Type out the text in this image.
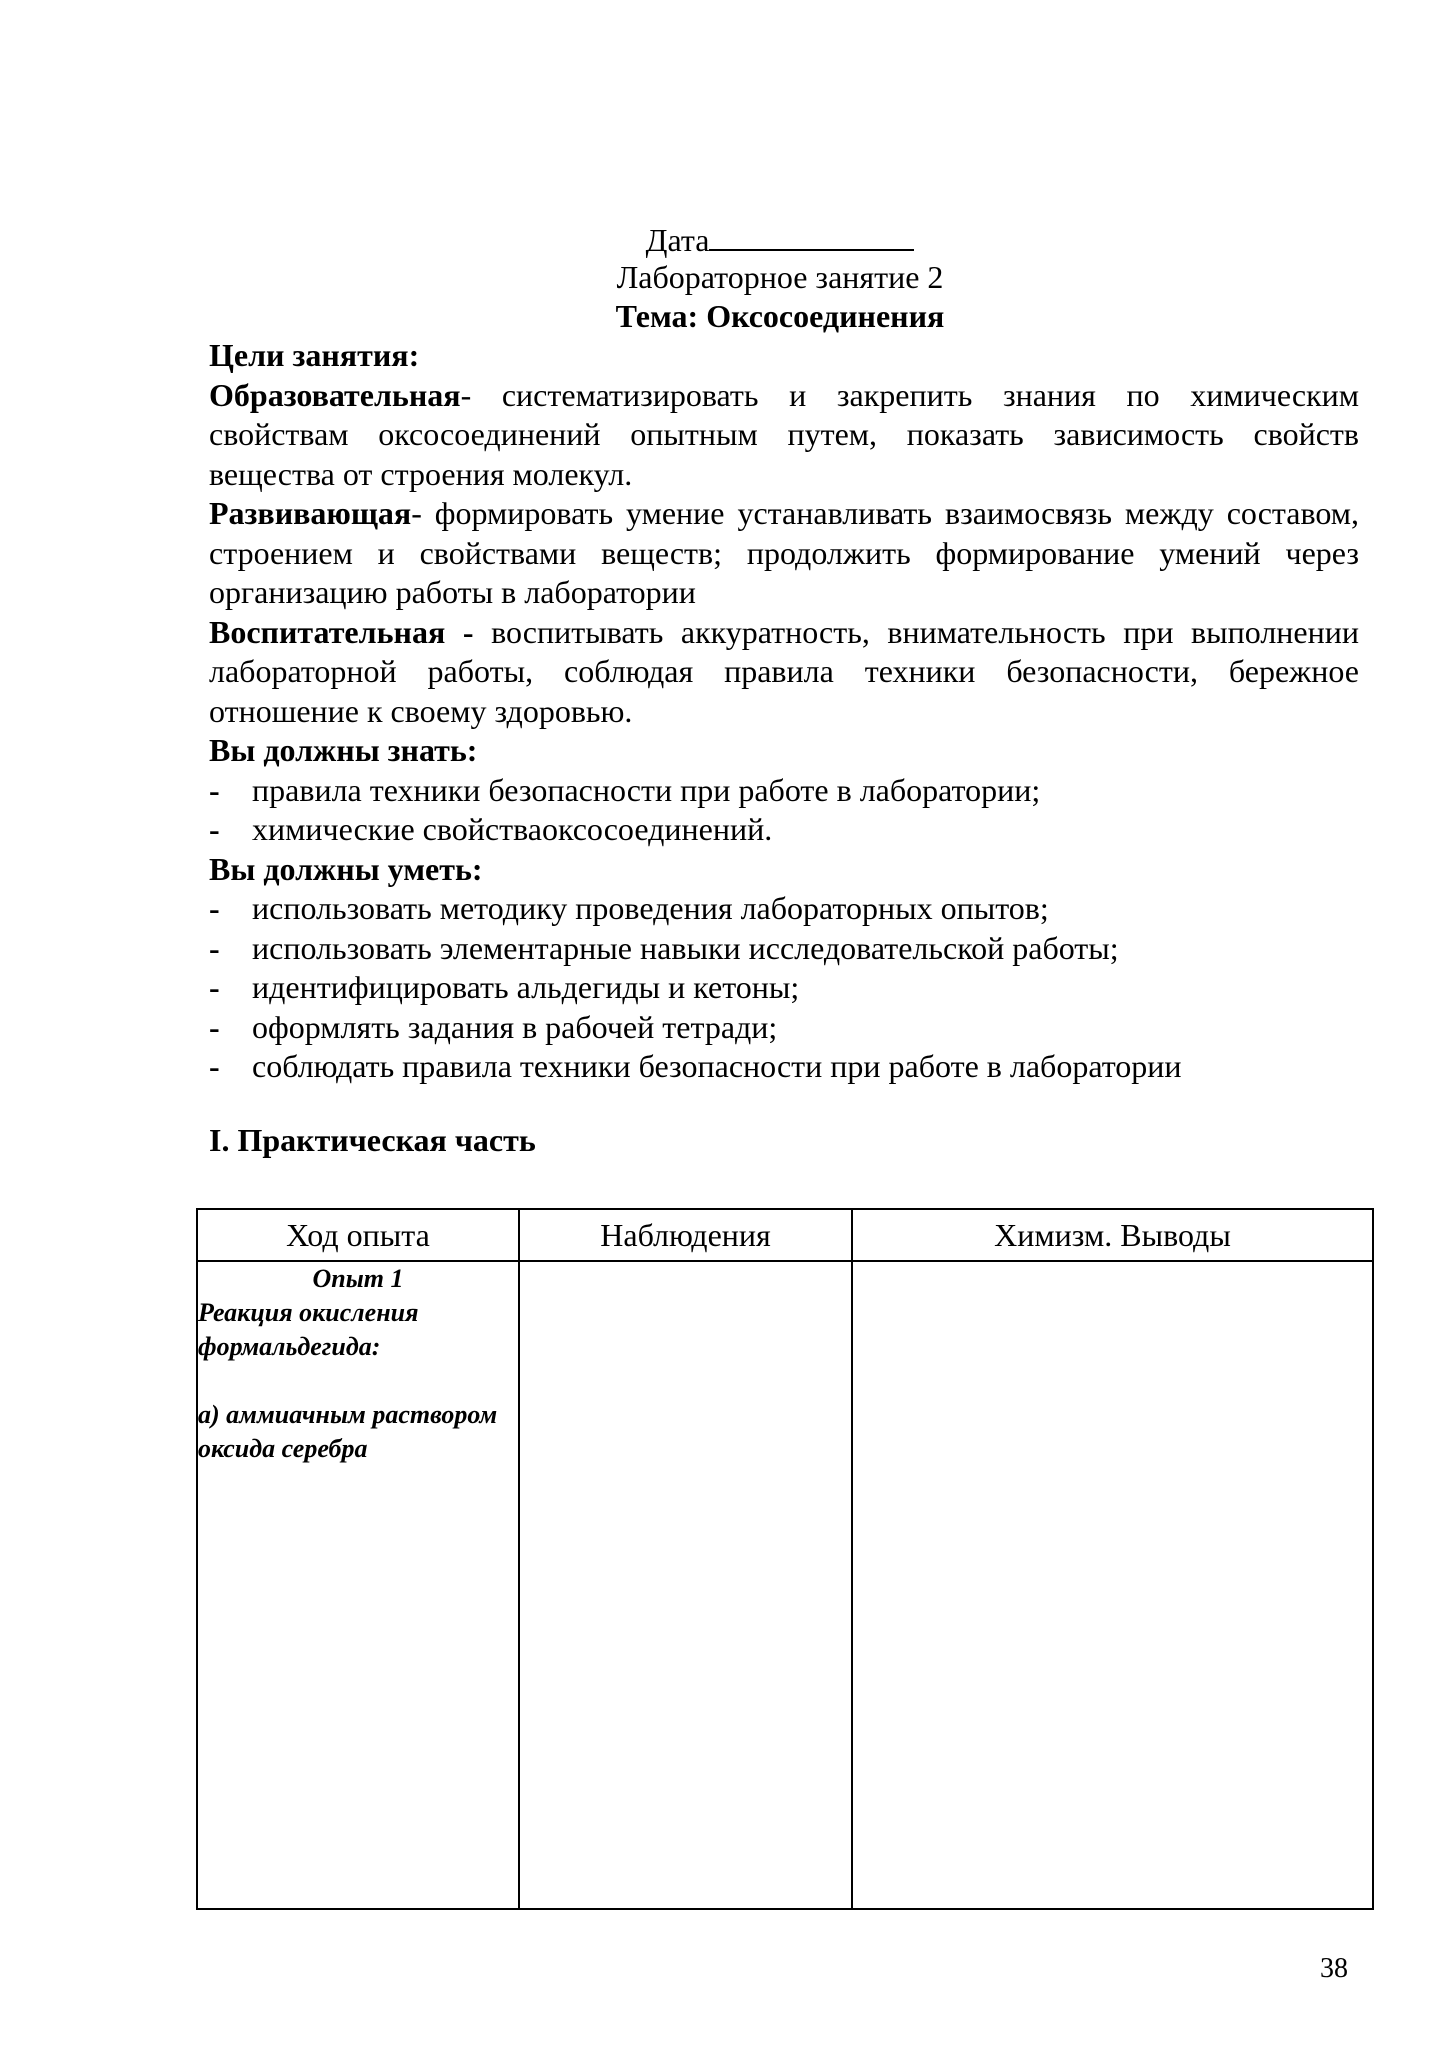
Дата
Лабораторное занятие 2
Тема: Оксосоединения

Цели занятия:

Образовательная- систематизировать и закрепить знания по химическим свойствам оксосоединений опытным путем, показать зависимость свойств вещества от строения молекул.

Развивающая- формировать умение устанавливать взаимосвязь между составом, строением и свойствами веществ; продолжить формирование умений через организацию работы в лаборатории

Воспитательная - воспитывать аккуратность, внимательность при выполнении лабораторной работы, соблюдая правила техники безопасности, бережное отношение к своему здоровью.

Вы должны знать:

- правила техники безопасности при работе в лаборатории;
- химические свойстваоксосоединений.

Вы должны уметь:

- использовать методику проведения лабораторных опытов;
- использовать элементарные навыки исследовательской работы;
- идентифицировать альдегиды и кетоны;
- оформлять задания в рабочей тетради;
- соблюдать правила техники безопасности при работе в лаборатории
I. Практическая часть
Ход опыта	Наблюдения	Химизм. Выводы

Опыт 1
Реакция окисления формальдегида:
а) аммиачным раствором оксида серебра		
38
